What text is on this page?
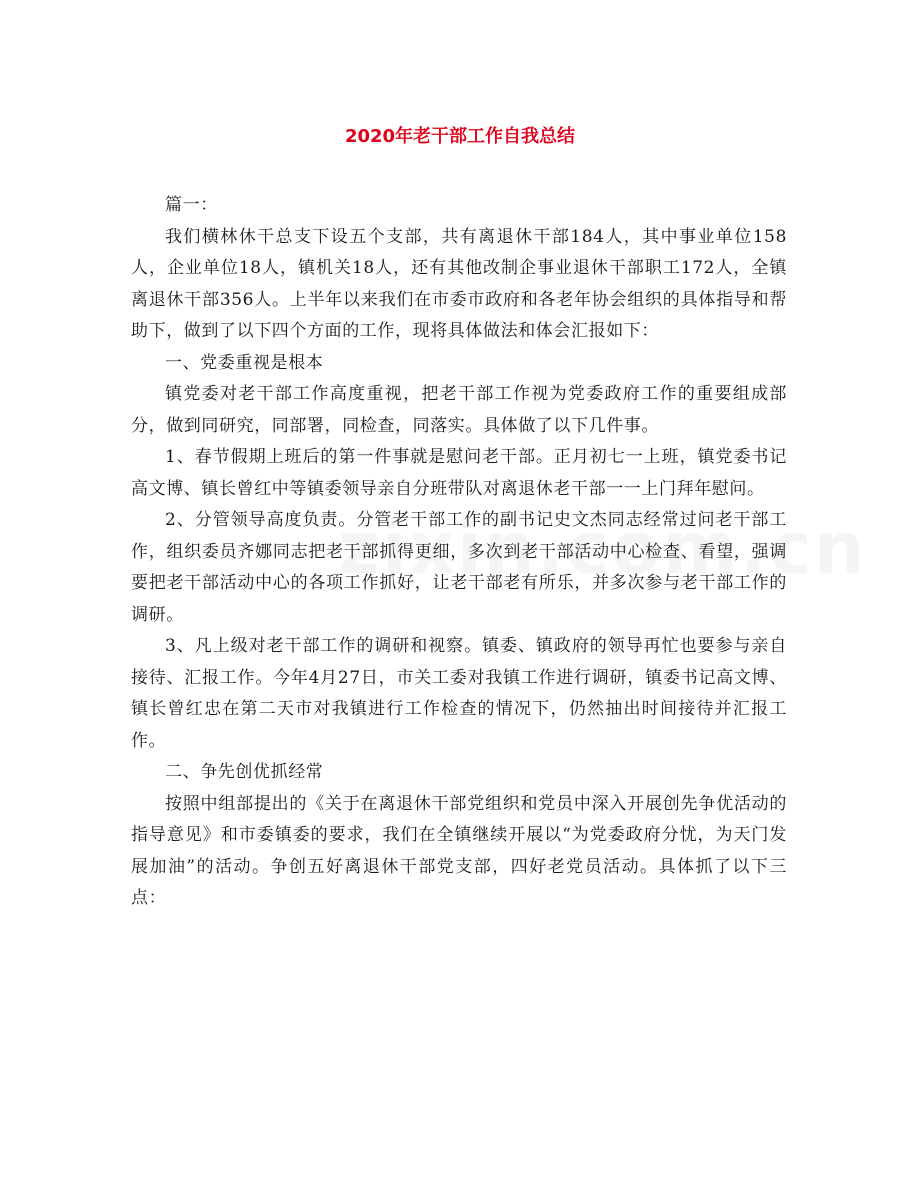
2020年老干部工作自我总结

篇一：

我们横林休干总支下设五个支部，共有离退休干部184人，其中事业单位158人，企业单位18人，镇机关18人，还有其他改制企事业退休干部职工172人，全镇离退休干部356人。上半年以来我们在市委市政府和各老年协会组织的具体指导和帮助下，做到了以下四个方面的工作，现将具体做法和体会汇报如下：

一、党委重视是根本

镇党委对老干部工作高度重视，把老干部工作视为党委政府工作的重要组成部分，做到同研究，同部署，同检查，同落实。具体做了以下几件事。

1、春节假期上班后的第一件事就是慰问老干部。正月初七一上班，镇党委书记高文博、镇长曾红中等镇委领导亲自分班带队对离退休老干部一一上门拜年慰问。

2、分管领导高度负责。分管老干部工作的副书记史文杰同志经常过问老干部工作，组织委员齐娜同志把老干部抓得更细，多次到老干部活动中心检查、看望，强调要把老干部活动中心的各项工作抓好，让老干部老有所乐，并多次参与老干部工作的调研。

3、凡上级对老干部工作的调研和视察。镇委、镇政府的领导再忙也要参与亲自接待、汇报工作。今年4月27日，市关工委对我镇工作进行调研，镇委书记高文博、镇长曾红忠在第二天市对我镇进行工作检查的情况下，仍然抽出时间接待并汇报工作。

二、争先创优抓经常

按照中组部提出的《关于在离退休干部党组织和党员中深入开展创先争优活动的指导意见》和市委镇委的要求，我们在全镇继续开展以“为党委政府分忧，为天门发展加油”的活动。争创五好离退休干部党支部，四好老党员活动。具体抓了以下三点：
